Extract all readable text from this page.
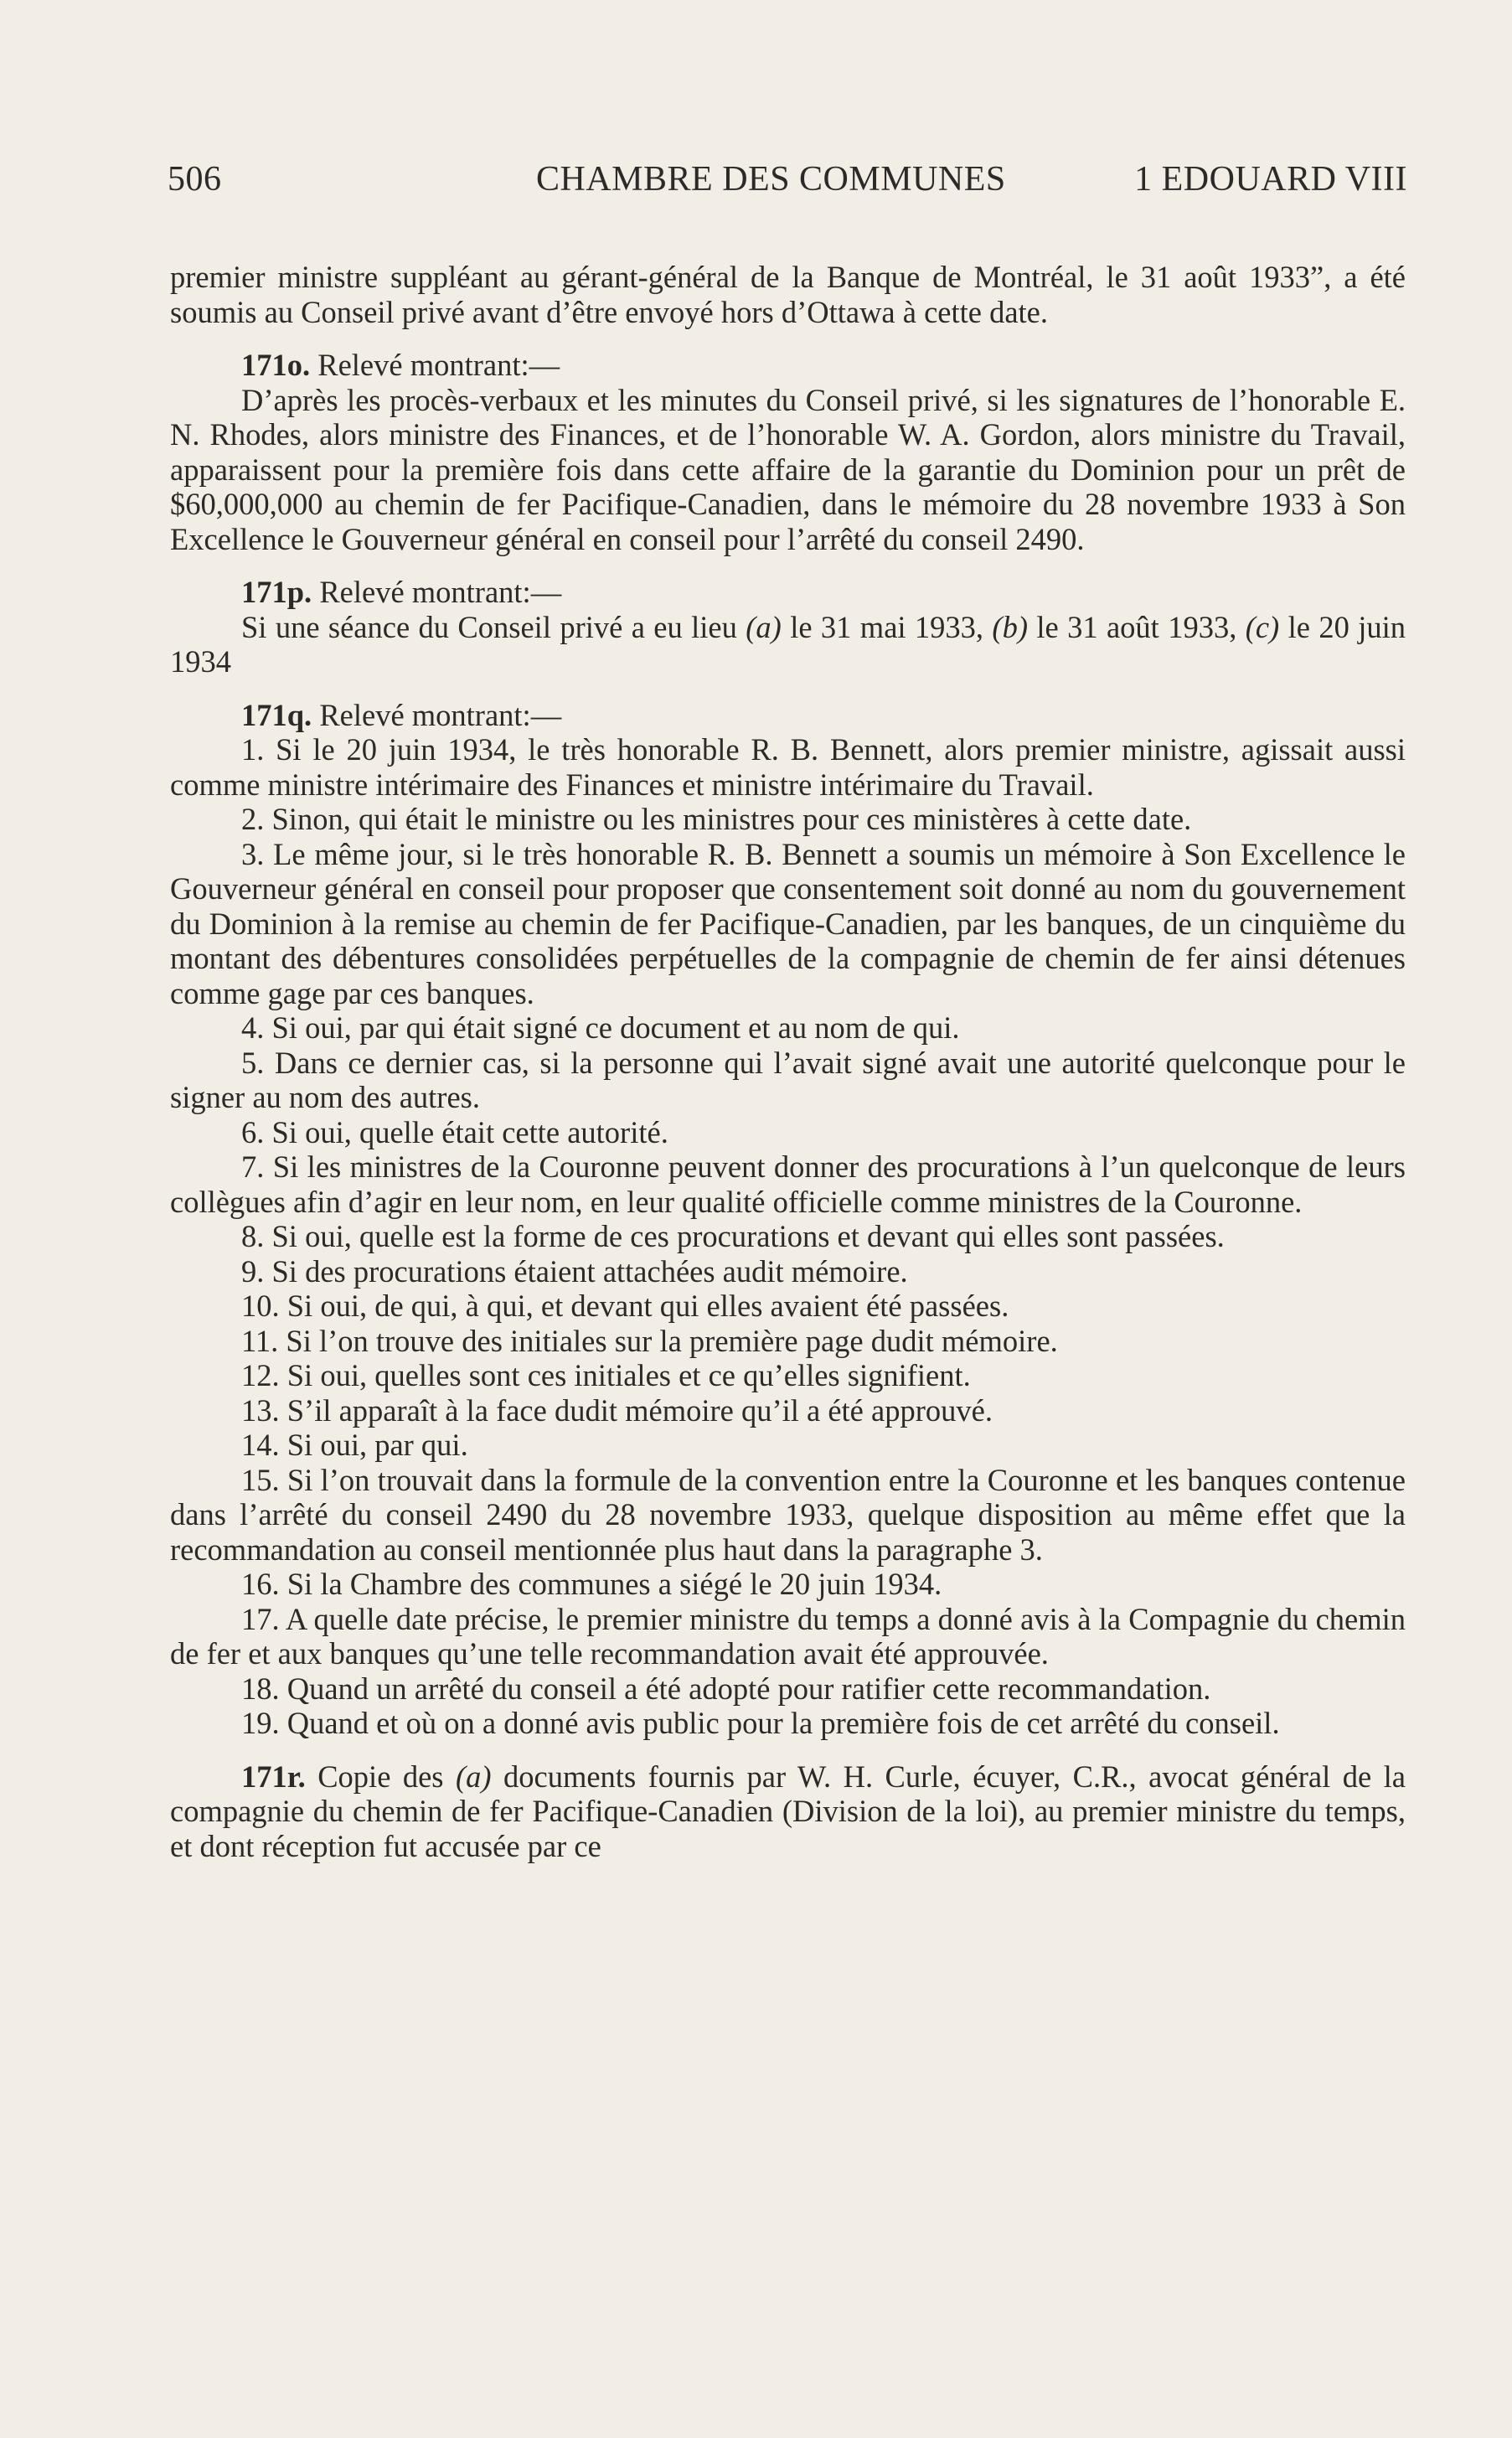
506	CHAMBRE DES COMMUNES	1 EDOUARD VIII

premier ministre suppléant au gérant-général de la Banque de Montréal, le 31 août 1933”, a été soumis au Conseil privé avant d’être envoyé hors d’Ottawa à cette date.

171o. Relevé montrant:—

D’après les procès-verbaux et les minutes du Conseil privé, si les signatures de l’honorable E. N. Rhodes, alors ministre des Finances, et de l’honorable W. A. Gordon, alors ministre du Travail, apparaissent pour la première fois dans cette affaire de la garantie du Dominion pour un prêt de $60,000,000 au chemin de fer Pacifique-Canadien, dans le mémoire du 28 novembre 1933 à Son Excellence le Gouverneur général en conseil pour l’arrêté du conseil 2490.

171p. Relevé montrant:—

Si une séance du Conseil privé a eu lieu (a) le 31 mai 1933, (b) le 31 août 1933, (c) le 20 juin 1934

171q. Relevé montrant:—

1. Si le 20 juin 1934, le très honorable R. B. Bennett, alors premier ministre, agissait aussi comme ministre intérimaire des Finances et ministre intérimaire du Travail.

2. Sinon, qui était le ministre ou les ministres pour ces ministères à cette date.

3. Le même jour, si le très honorable R. B. Bennett a soumis un mémoire à Son Excellence le Gouverneur général en conseil pour proposer que consentement soit donné au nom du gouvernement du Dominion à la remise au chemin de fer Pacifique-Canadien, par les banques, de un cinquième du montant des débentures consolidées perpétuelles de la compagnie de chemin de fer ainsi détenues comme gage par ces banques.

4. Si oui, par qui était signé ce document et au nom de qui.

5. Dans ce dernier cas, si la personne qui l’avait signé avait une autorité quelconque pour le signer au nom des autres.

6. Si oui, quelle était cette autorité.

7. Si les ministres de la Couronne peuvent donner des procurations à l’un quelconque de leurs collègues afin d’agir en leur nom, en leur qualité officielle comme ministres de la Couronne.

8. Si oui, quelle est la forme de ces procurations et devant qui elles sont passées.

9. Si des procurations étaient attachées audit mémoire.

10. Si oui, de qui, à qui, et devant qui elles avaient été passées.

11. Si l’on trouve des initiales sur la première page dudit mémoire.

12. Si oui, quelles sont ces initiales et ce qu’elles signifient.

13. S’il apparaît à la face dudit mémoire qu’il a été approuvé.

14. Si oui, par qui.

15. Si l’on trouvait dans la formule de la convention entre la Couronne et les banques contenue dans l’arrêté du conseil 2490 du 28 novembre 1933, quelque disposition au même effet que la recommandation au conseil mentionnée plus haut dans la paragraphe 3.

16. Si la Chambre des communes a siégé le 20 juin 1934.

17. A quelle date précise, le premier ministre du temps a donné avis à la Compagnie du chemin de fer et aux banques qu’une telle recommandation avait été approuvée.

18. Quand un arrêté du conseil a été adopté pour ratifier cette recommandation.

19. Quand et où on a donné avis public pour la première fois de cet arrêté du conseil.

171r. Copie des (a) documents fournis par W. H. Curle, écuyer, C.R., avocat général de la compagnie du chemin de fer Pacifique-Canadien (Division de la loi), au premier ministre du temps, et dont réception fut accusée par ce
